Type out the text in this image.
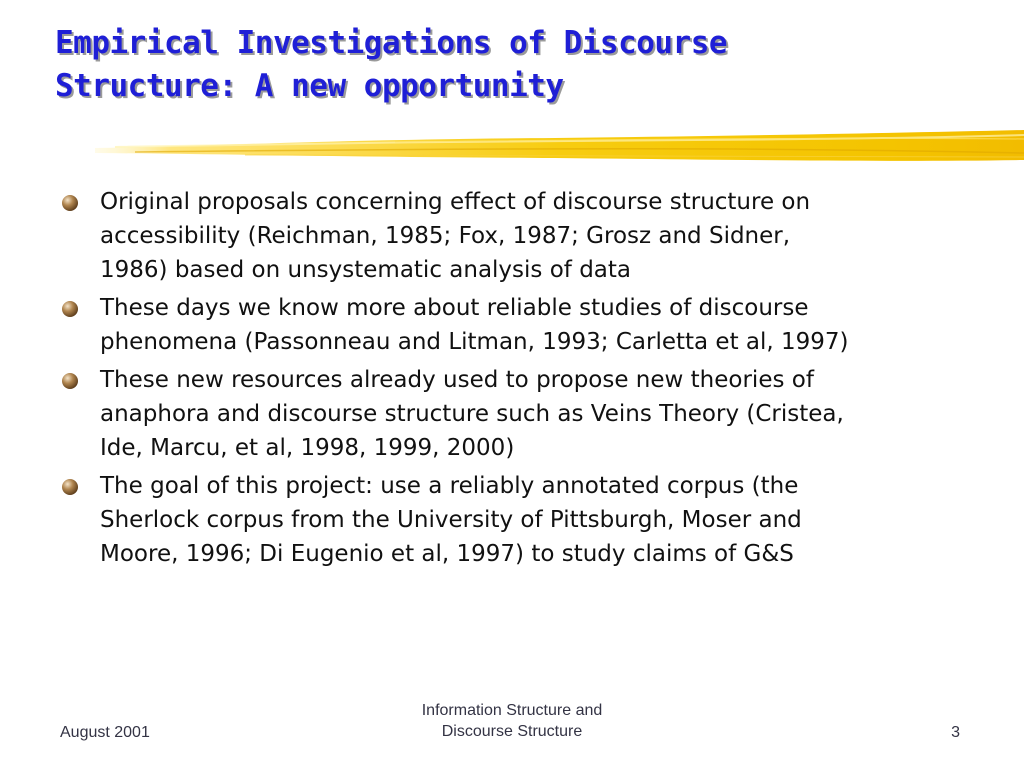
Empirical Investigations of Discourse
Structure: A new opportunity
Original proposals concerning effect of discourse structure on
accessibility (Reichman, 1985; Fox, 1987; Grosz and Sidner,
1986) based on unsystematic analysis of data
These days we know more about reliable studies of discourse
phenomena (Passonneau and Litman, 1993; Carletta et al, 1997)
These new resources already used to propose new theories of
anaphora and discourse structure such as Veins Theory (Cristea,
Ide, Marcu, et al, 1998, 1999, 2000)
The goal of this project: use a reliably annotated corpus (the
Sherlock corpus from the University of Pittsburgh, Moser and
Moore, 1996; Di Eugenio et al, 1997) to study claims of G&S
August 2001
Information Structure and
Discourse Structure	3
